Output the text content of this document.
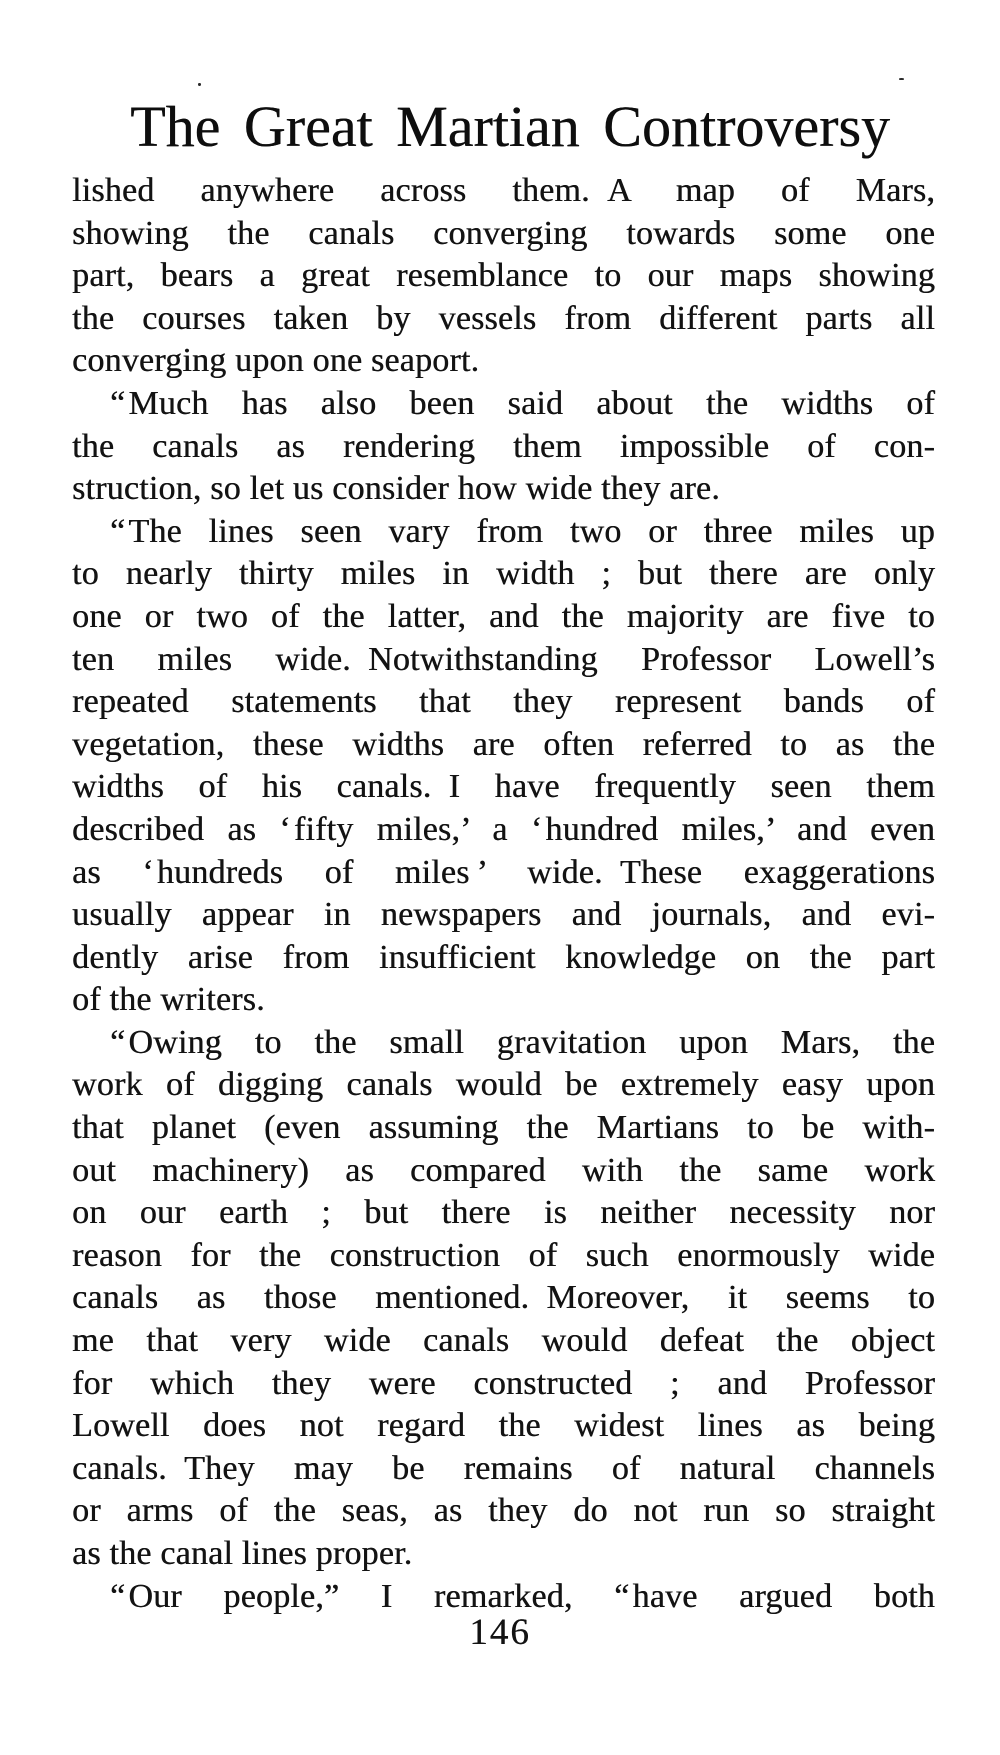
The Great Martian Controversy
lished anywhere across them. A map of Mars,
showing the canals converging towards some one
part, bears a great resemblance to our maps showing
the courses taken by vessels from different parts all
converging upon one seaport.
“ Much has also been said about the widths of
the canals as rendering them impossible of con-
struction, so let us consider how wide they are.
“ The lines seen vary from two or three miles up
to nearly thirty miles in width ; but there are only
one or two of the latter, and the majority are five to
ten miles wide. Notwithstanding Professor Lowell’s
repeated statements that they represent bands of
vegetation, these widths are often referred to as the
widths of his canals. I have frequently seen them
described as ‘ fifty miles,’ a ‘ hundred miles,’ and even
as ‘ hundreds of miles ’ wide. These exaggerations
usually appear in newspapers and journals, and evi-
dently arise from insufficient knowledge on the part
of the writers.
“ Owing to the small gravitation upon Mars, the
work of digging canals would be extremely easy upon
that planet (even assuming the Martians to be with-
out machinery) as compared with the same work
on our earth ; but there is neither necessity nor
reason for the construction of such enormously wide
canals as those mentioned. Moreover, it seems to
me that very wide canals would defeat the object
for which they were constructed ; and Professor
Lowell does not regard the widest lines as being
canals. They may be remains of natural channels
or arms of the seas, as they do not run so straight
as the canal lines proper.
“ Our people,” I remarked, “ have argued both
146
